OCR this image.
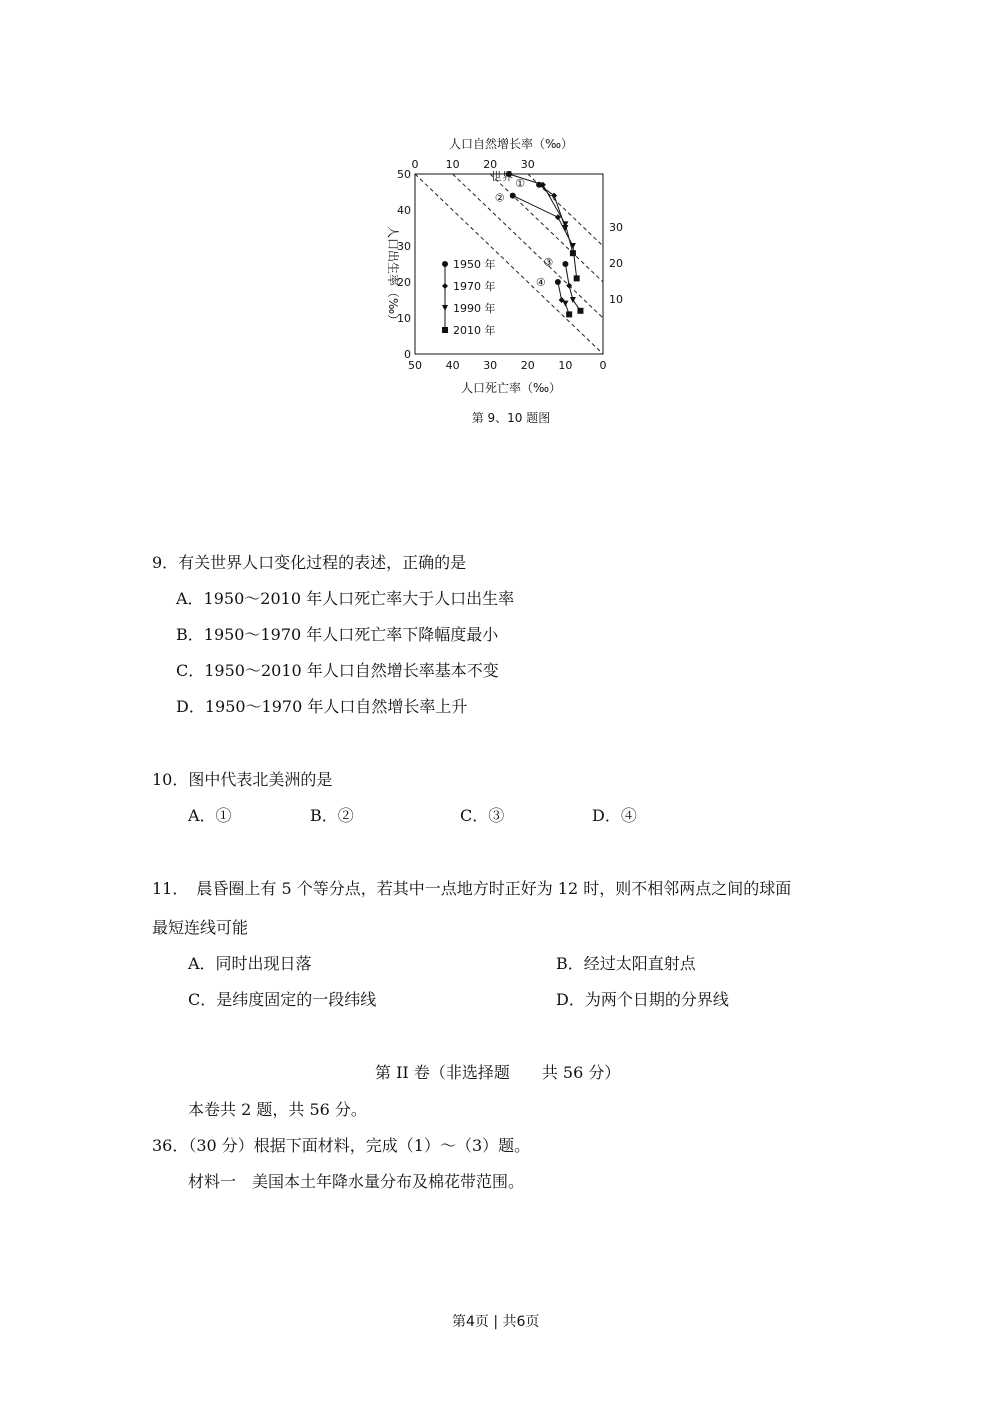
0 10 20 30
人口自然增长率（‰）
50 40 30 20 10 0
人口死亡率（‰）
50
40
30
20
10
0
人口出生率（‰）	30
20
10
世界
①
②
③
④
1950 年
1970 年
1990 年
2010 年
第 9、10 题图
9．有关世界人口变化过程的表述，正确的是
A．1950～2010 年人口死亡率大于人口出生率
B．1950～1970 年人口死亡率下降幅度最小
C．1950～2010 年人口自然增长率基本不变
D．1950～1970 年人口自然增长率上升
10．图中代表北美洲的是
A．①	B．②	C．③	D．④
11．　晨昏圈上有 5 个等分点，若其中一点地方时正好为 12 时，则不相邻两点之间的球面
最短连线可能
A．同时出现日落	B．经过太阳直射点
C．是纬度固定的一段纬线	D．为两个日期的分界线
第 II 卷（非选择题　　共 56 分）
本卷共 2 题，共 56 分。
36．（30 分）根据下面材料，完成（1）～（3）题。
材料一　美国本土年降水量分布及棉花带范围。
第4页 | 共6页
